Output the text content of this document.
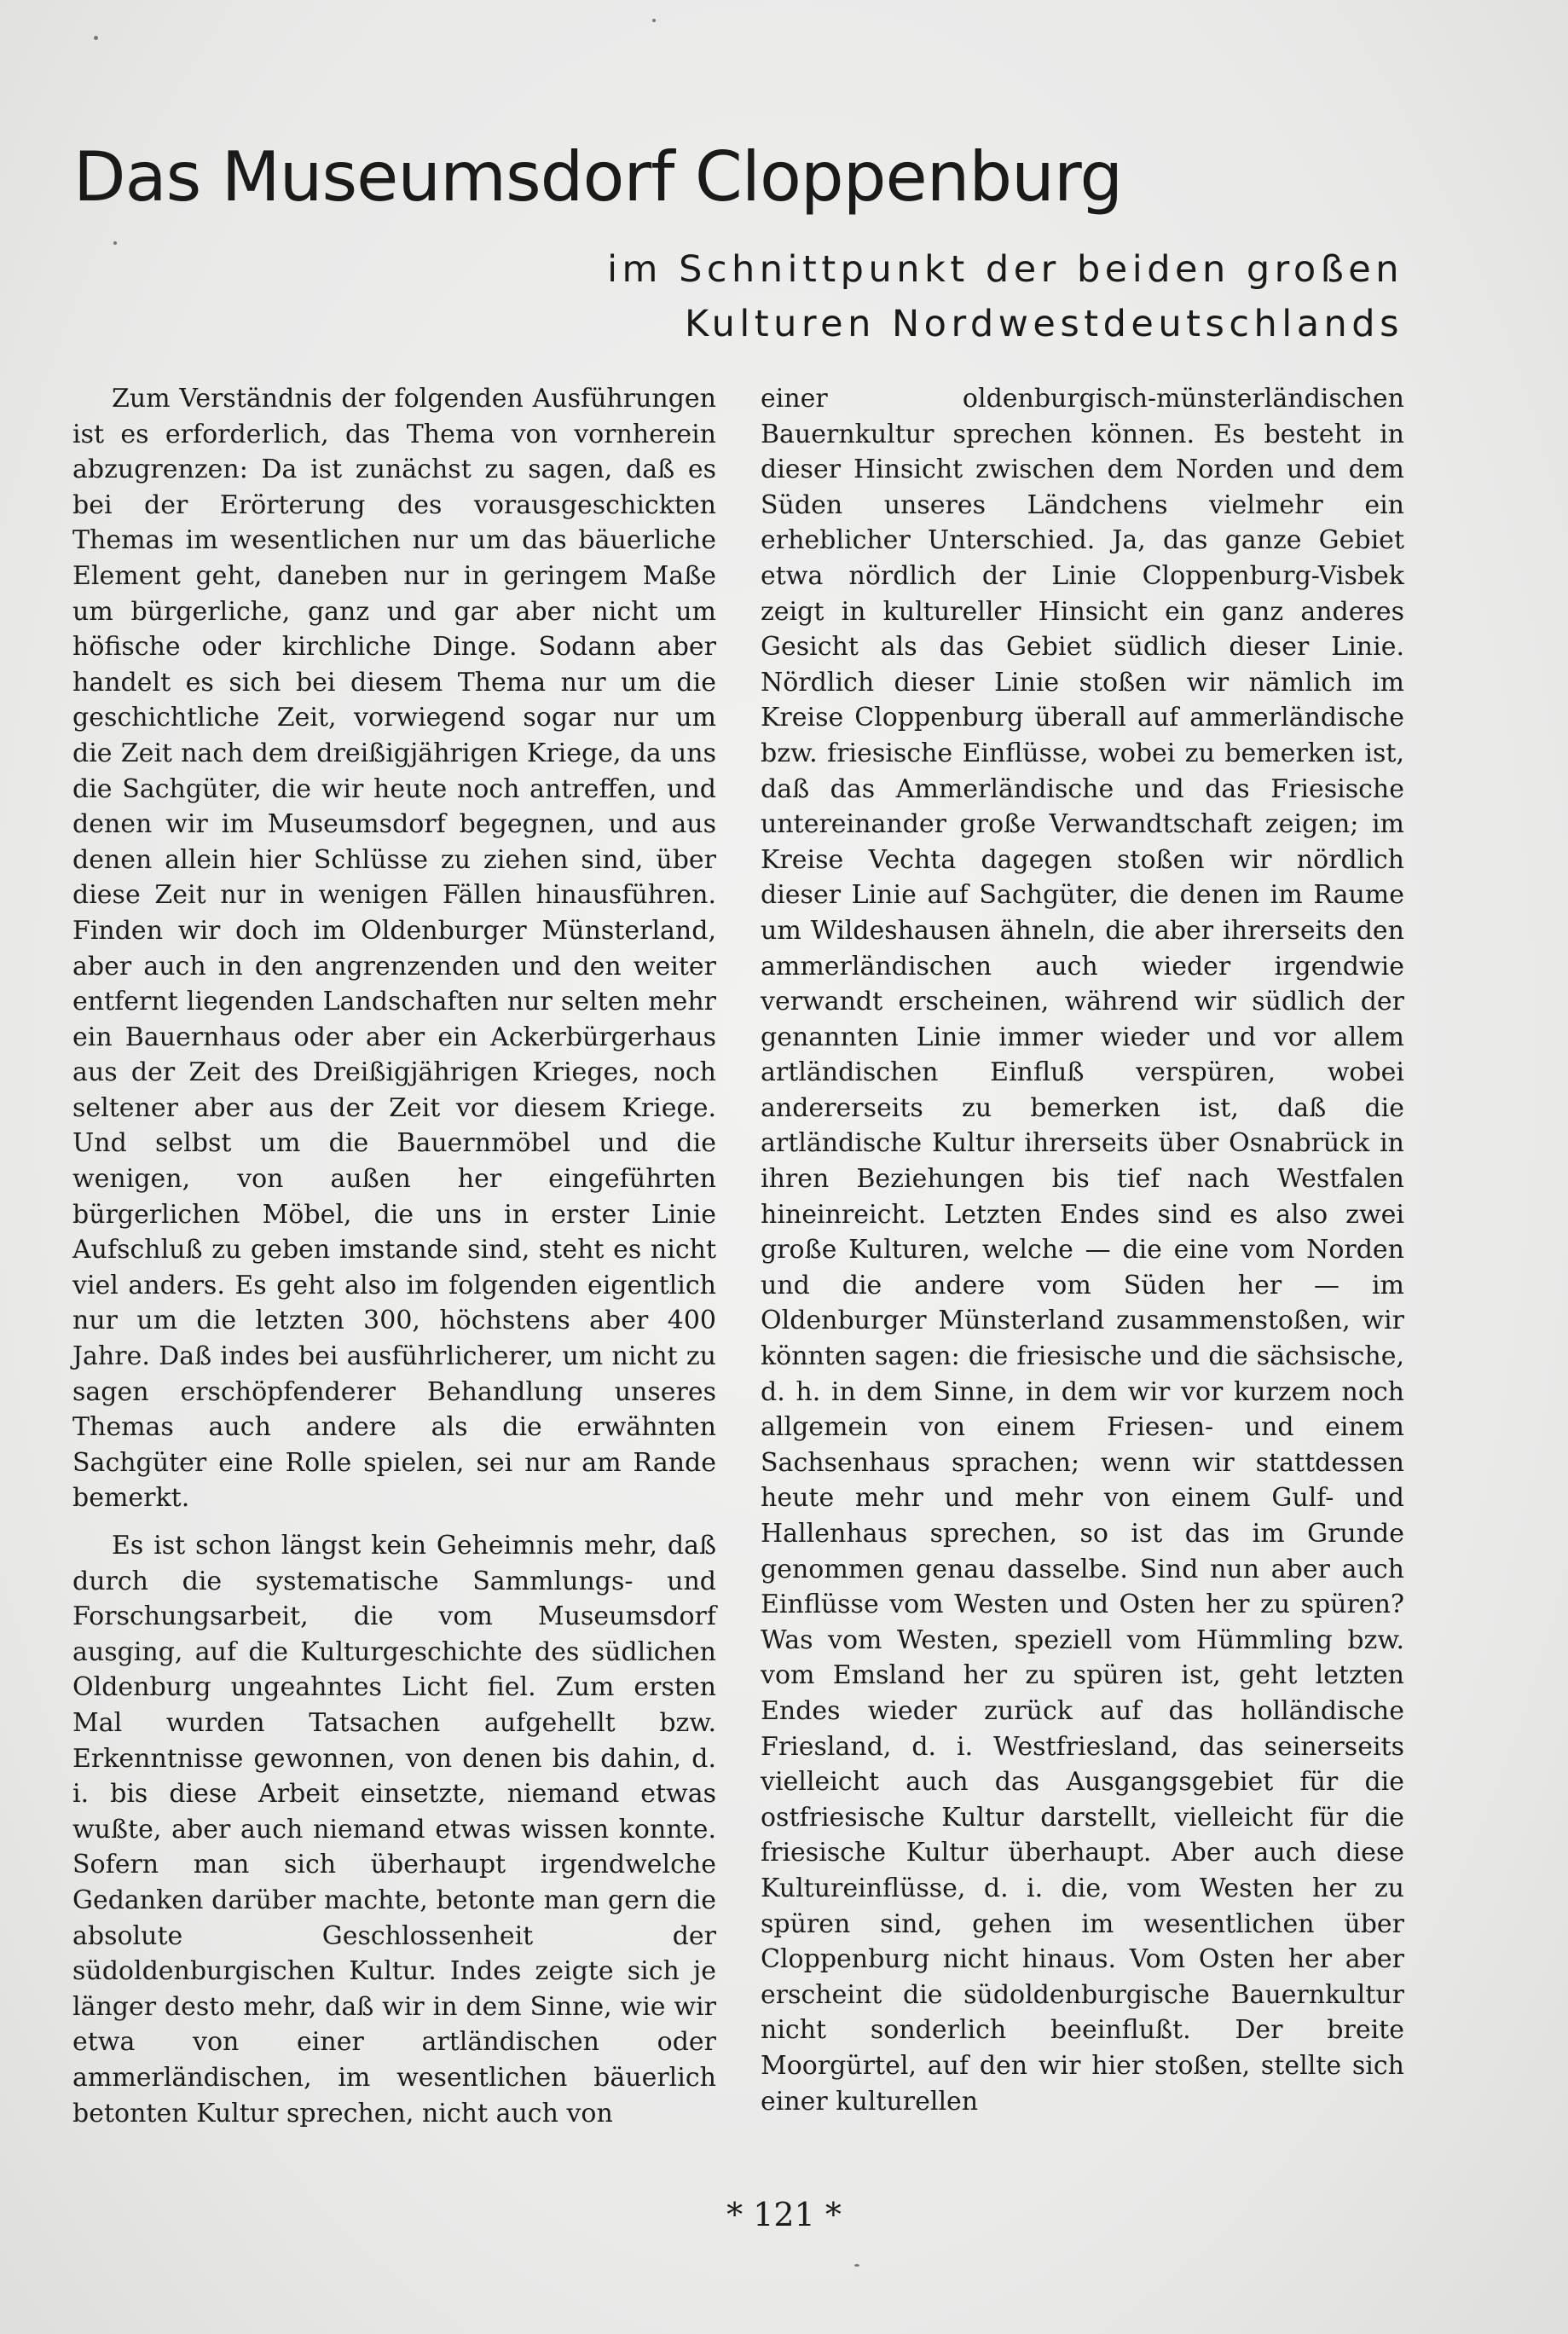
Das Museumsdorf Cloppenburg

im Schnittpunkt der beiden großen

Kulturen Nordwestdeutschlands

Zum Verständnis der folgenden Ausführungen ist es erforderlich, das Thema von vornherein abzugrenzen: Da ist zunächst zu sagen, daß es bei der Erörterung des vorausgeschickten Themas im wesentlichen nur um das bäuerliche Element geht, daneben nur in geringem Maße um bürgerliche, ganz und gar aber nicht um höfische oder kirchliche Dinge. Sodann aber handelt es sich bei diesem Thema nur um die geschichtliche Zeit, vorwiegend sogar nur um die Zeit nach dem dreißigjährigen Kriege, da uns die Sachgüter, die wir heute noch antreffen, und denen wir im Museumsdorf begegnen, und aus denen allein hier Schlüsse zu ziehen sind, über diese Zeit nur in wenigen Fällen hinausführen. Finden wir doch im Oldenburger Münsterland, aber auch in den angrenzenden und den weiter entfernt liegenden Landschaften nur selten mehr ein Bauernhaus oder aber ein Ackerbürgerhaus aus der Zeit des Dreißigjährigen Krieges, noch seltener aber aus der Zeit vor diesem Kriege. Und selbst um die Bauernmöbel und die wenigen, von außen her eingeführten bürgerlichen Möbel, die uns in erster Linie Aufschluß zu geben imstande sind, steht es nicht viel anders. Es geht also im folgenden eigentlich nur um die letzten 300, höchstens aber 400 Jahre. Daß indes bei ausführlicherer, um nicht zu sagen erschöpfenderer Behandlung unseres Themas auch andere als die erwähnten Sachgüter eine Rolle spielen, sei nur am Rande bemerkt.

Es ist schon längst kein Geheimnis mehr, daß durch die systematische Sammlungs- und Forschungsarbeit, die vom Museumsdorf ausging, auf die Kulturgeschichte des südlichen Oldenburg ungeahntes Licht fiel. Zum ersten Mal wurden Tatsachen aufgehellt bzw. Erkenntnisse gewonnen, von denen bis dahin, d. i. bis diese Arbeit einsetzte, niemand etwas wußte, aber auch niemand etwas wissen konnte. Sofern man sich überhaupt irgendwelche Gedanken darüber machte, betonte man gern die absolute Geschlossenheit der südoldenburgischen Kultur. Indes zeigte sich je länger desto mehr, daß wir in dem Sinne, wie wir etwa von einer artländischen oder ammerländischen, im wesentlichen bäuerlich betonten Kultur sprechen, nicht auch von

einer oldenburgisch-münsterländischen Bauernkultur sprechen können. Es besteht in dieser Hinsicht zwischen dem Norden und dem Süden unseres Ländchens vielmehr ein erheblicher Unterschied. Ja, das ganze Gebiet etwa nördlich der Linie Cloppenburg-Visbek zeigt in kultureller Hinsicht ein ganz anderes Gesicht als das Gebiet südlich dieser Linie. Nördlich dieser Linie stoßen wir nämlich im Kreise Cloppenburg überall auf ammerländische bzw. friesische Einflüsse, wobei zu bemerken ist, daß das Ammerländische und das Friesische untereinander große Verwandtschaft zeigen; im Kreise Vechta dagegen stoßen wir nördlich dieser Linie auf Sachgüter, die denen im Raume um Wildeshausen ähneln, die aber ihrerseits den ammerländischen auch wieder irgendwie verwandt erscheinen, während wir südlich der genannten Linie immer wieder und vor allem artländischen Einfluß verspüren, wobei andererseits zu bemerken ist, daß die artländische Kultur ihrerseits über Osnabrück in ihren Beziehungen bis tief nach Westfalen hineinreicht. Letzten Endes sind es also zwei große Kulturen, welche — die eine vom Norden und die andere vom Süden her — im Oldenburger Münsterland zusammenstoßen, wir könnten sagen: die friesische und die sächsische, d. h. in dem Sinne, in dem wir vor kurzem noch allgemein von einem Friesen- und einem Sachsenhaus sprachen; wenn wir stattdessen heute mehr und mehr von einem Gulf- und Hallenhaus sprechen, so ist das im Grunde genommen genau dasselbe. Sind nun aber auch Einflüsse vom Westen und Osten her zu spüren? Was vom Westen, speziell vom Hümmling bzw. vom Emsland her zu spüren ist, geht letzten Endes wieder zurück auf das holländische Friesland, d. i. Westfriesland, das seinerseits vielleicht auch das Ausgangsgebiet für die ostfriesische Kultur darstellt, vielleicht für die friesische Kultur überhaupt. Aber auch diese Kultureinflüsse, d. i. die, vom Westen her zu spüren sind, gehen im wesentlichen über Cloppenburg nicht hinaus. Vom Osten her aber erscheint die südoldenburgische Bauernkultur nicht sonderlich beeinflußt. Der breite Moorgürtel, auf den wir hier stoßen, stellte sich einer kulturellen

* 121 *
